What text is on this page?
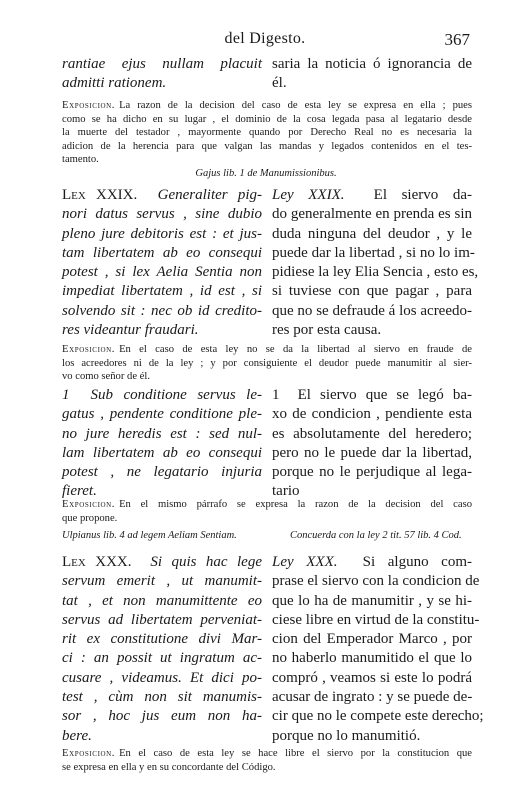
del Digesto.	367
rantiae ejus nullam placuit
admitti rationem.
saria la noticia ó ignorancia de
él.
Exposicion. La razon de la decision del caso de esta ley se expresa en ella ; pues
como se ha dicho en su lugar , el dominio de la cosa legada pasa al legatario desde
la muerte del testador , mayormente quando por Derecho Real no es necesaria la
adicion de la herencia para que valgan las mandas y legados contenidos en el tes-
tamento.
Gajus lib. 1 de Manumissionibus.
Lex XXIX. Generaliter pig-
nori datus servus , sine dubio
pleno jure debitoris est : et jus-
tam libertatem ab eo consequi
potest , si lex Aelia Sentia non
impediat libertatem , id est , si
solvendo sit : nec ob id credito-
res videantur fraudari.
Ley XXIX. El siervo da-
do generalmente en prenda es sin
duda ninguna del deudor , y le
puede dar la libertad , si no lo im-
pidiese la ley Elia Sencia , esto es,
si tuviese con que pagar , para
que no se defraude á los acreedo-
res por esta causa.
Exposicion. En el caso de esta ley no se da la libertad al siervo en fraude de
los acreedores ni de la ley ; y por consiguiente el deudor puede manumitir al sier-
vo como señor de él.
1 Sub conditione servus le-
gatus , pendente conditione ple-
no jure heredis est : sed nul-
lam libertatem ab eo consequi
potest , ne legatario injuria
fieret.
1 El siervo que se legó ba-
xo de condicion , pendiente esta
es absolutamente del heredero;
pero no le puede dar la libertad,
porque no le perjudique al lega-
tario
Exposicion. En el mismo párrafo se expresa la razon de la decision del caso
que propone.
Ulpianus lib. 4 ad legem Aeliam Sentiam.	Concuerda con la ley 2 tit. 57 lib. 4 Cod.
Lex XXX. Si quis hac lege
servum emerit , ut manumit-
tat , et non manumittente eo
servus ad libertatem perveniat-
rit ex constitutione divi Mar-
ci : an possit ut ingratum ac-
cusare , videamus. Et dici po-
test , cùm non sit manumis-
sor , hoc jus eum non ha-
bere.
Ley XXX. Si alguno com-
prase el siervo con la condicion de
que lo ha de manumitir , y se hi-
ciese libre en virtud de la constitu-
cion del Emperador Marco , por
no haberlo manumitido el que lo
compró , veamos si este lo podrá
acusar de ingrato : y se puede de-
cir que no le compete este derecho;
porque no lo manumitió.
Exposicion. En el caso de esta ley se hace libre el siervo por la constitucion que
se expresa en ella y en su concordante del Código.
